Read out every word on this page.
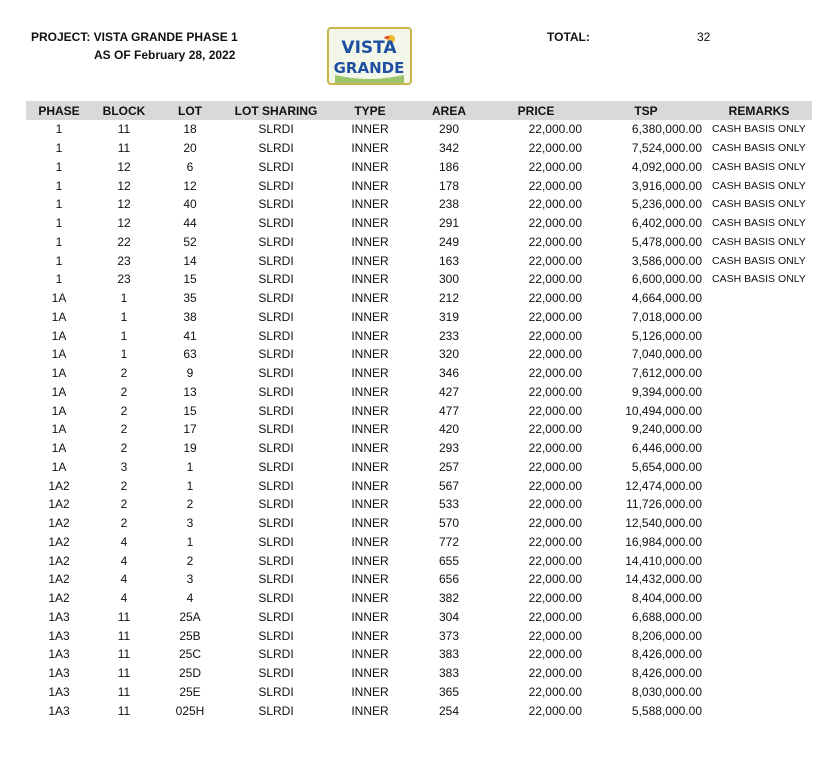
PROJECT: VISTA GRANDE PHASE 1
AS OF February 28, 2022
TOTAL:	32
VISTA
GRANDE
PHASE	BLOCK	LOT	LOT SHARING	TYPE	AREA	PRICE	TSP	REMARKS
1	11	18	SLRDI	INNER	290	22,000.00	6,380,000.00	CASH BASIS ONLY
1	11	20	SLRDI	INNER	342	22,000.00	7,524,000.00	CASH BASIS ONLY
1	12	6	SLRDI	INNER	186	22,000.00	4,092,000.00	CASH BASIS ONLY
1	12	12	SLRDI	INNER	178	22,000.00	3,916,000.00	CASH BASIS ONLY
1	12	40	SLRDI	INNER	238	22,000.00	5,236,000.00	CASH BASIS ONLY
1	12	44	SLRDI	INNER	291	22,000.00	6,402,000.00	CASH BASIS ONLY
1	22	52	SLRDI	INNER	249	22,000.00	5,478,000.00	CASH BASIS ONLY
1	23	14	SLRDI	INNER	163	22,000.00	3,586,000.00	CASH BASIS ONLY
1	23	15	SLRDI	INNER	300	22,000.00	6,600,000.00	CASH BASIS ONLY
1A	1	35	SLRDI	INNER	212	22,000.00	4,664,000.00	
1A	1	38	SLRDI	INNER	319	22,000.00	7,018,000.00	
1A	1	41	SLRDI	INNER	233	22,000.00	5,126,000.00	
1A	1	63	SLRDI	INNER	320	22,000.00	7,040,000.00	
1A	2	9	SLRDI	INNER	346	22,000.00	7,612,000.00	
1A	2	13	SLRDI	INNER	427	22,000.00	9,394,000.00	
1A	2	15	SLRDI	INNER	477	22,000.00	10,494,000.00	
1A	2	17	SLRDI	INNER	420	22,000.00	9,240,000.00	
1A	2	19	SLRDI	INNER	293	22,000.00	6,446,000.00	
1A	3	1	SLRDI	INNER	257	22,000.00	5,654,000.00	
1A2	2	1	SLRDI	INNER	567	22,000.00	12,474,000.00	
1A2	2	2	SLRDI	INNER	533	22,000.00	11,726,000.00	
1A2	2	3	SLRDI	INNER	570	22,000.00	12,540,000.00	
1A2	4	1	SLRDI	INNER	772	22,000.00	16,984,000.00	
1A2	4	2	SLRDI	INNER	655	22,000.00	14,410,000.00	
1A2	4	3	SLRDI	INNER	656	22,000.00	14,432,000.00	
1A2	4	4	SLRDI	INNER	382	22,000.00	8,404,000.00	
1A3	11	25A	SLRDI	INNER	304	22,000.00	6,688,000.00	
1A3	11	25B	SLRDI	INNER	373	22,000.00	8,206,000.00	
1A3	11	25C	SLRDI	INNER	383	22,000.00	8,426,000.00	
1A3	11	25D	SLRDI	INNER	383	22,000.00	8,426,000.00	
1A3	11	25E	SLRDI	INNER	365	22,000.00	8,030,000.00	
1A3	11	025H	SLRDI	INNER	254	22,000.00	5,588,000.00	
